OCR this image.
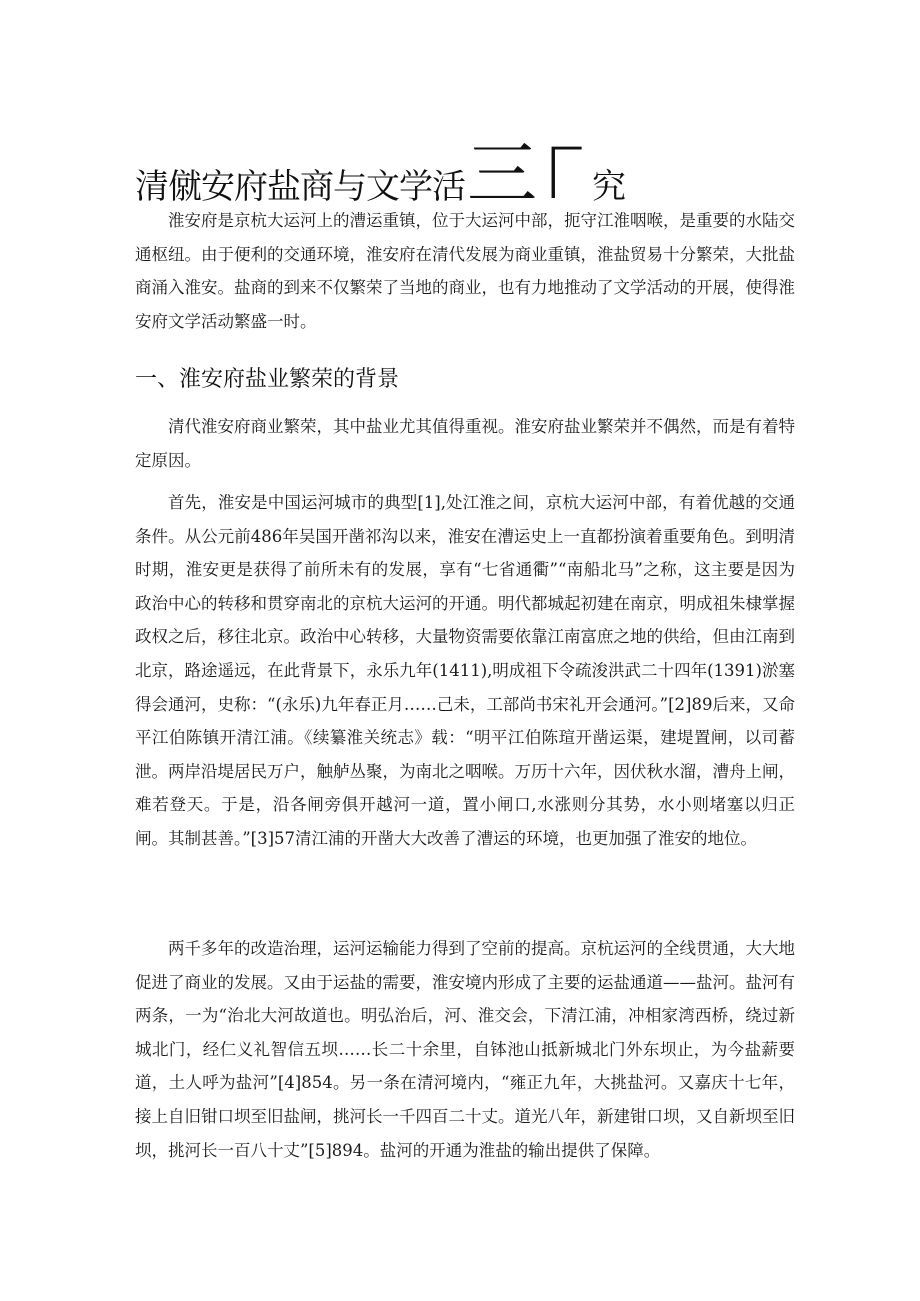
清僦安府盐商与文学活三Γ 究

淮安府是京杭大运河上的漕运重镇，位于大运河中部，扼守江淮咽喉，是重要的水陆交通枢纽。由于便利的交通环境，淮安府在清代发展为商业重镇，淮盐贸易十分繁荣，大批盐商涌入淮安。盐商的到来不仅繁荣了当地的商业，也有力地推动了文学活动的开展，使得淮安府文学活动繁盛一时。

一、淮安府盐业繁荣的背景

清代淮安府商业繁荣，其中盐业尤其值得重视。淮安府盐业繁荣并不偶然，而是有着特定原因。

首先，淮安是中国运河城市的典型[1],处江淮之间，京杭大运河中部，有着优越的交通条件。从公元前486年吴国开凿祁沟以来，淮安在漕运史上一直都扮演着重要角色。到明清时期，淮安更是获得了前所未有的发展，享有“七省通衢”“南船北马”之称，这主要是因为政治中心的转移和贯穿南北的京杭大运河的开通。明代都城起初建在南京，明成祖朱棣掌握政权之后，移往北京。政治中心转移，大量物资需要依靠江南富庶之地的供给，但由江南到北京，路途遥远，在此背景下，永乐九年(1411),明成祖下令疏浚洪武二十四年(1391)淤塞得会通河，史称：“(永乐)九年春正月……己未，工部尚书宋礼开会通河。”[2]89后来，又命平江伯陈镇开清江浦。《续纂淮关统志》载：“明平江伯陈瑄开凿运渠，建堤置闸，以司蓄泄。两岸沿堤居民万户，触舻丛聚，为南北之咽喉。万历十六年，因伏秋水溜，漕舟上闸，难若登天。于是，沿各闸旁俱开越河一道，置小闸口,水涨则分其势，水小则堵塞以归正闸。其制甚善。”[3]57清江浦的开凿大大改善了漕运的环境，也更加强了淮安的地位。

两千多年的改造治理，运河运输能力得到了空前的提高。京杭运河的全线贯通，大大地促进了商业的发展。又由于运盐的需要，淮安境内形成了主要的运盐通道——盐河。盐河有两条，一为“治北大河故道也。明弘治后，河、淮交会，下清江浦，冲相家湾西桥，绕过新城北门，经仁义礼智信五坝……长二十余里，自钵池山抵新城北门外东坝止，为今盐薪要道，土人呼为盐河”[4]854。另一条在清河境内，“雍正九年，大挑盐河。又嘉庆十七年，接上自旧钳口坝至旧盐闸，挑河长一千四百二十丈。道光八年，新建钳口坝，又自新坝至旧坝，挑河长一百八十丈”[5]894。盐河的开通为淮盐的输出提供了保障。
